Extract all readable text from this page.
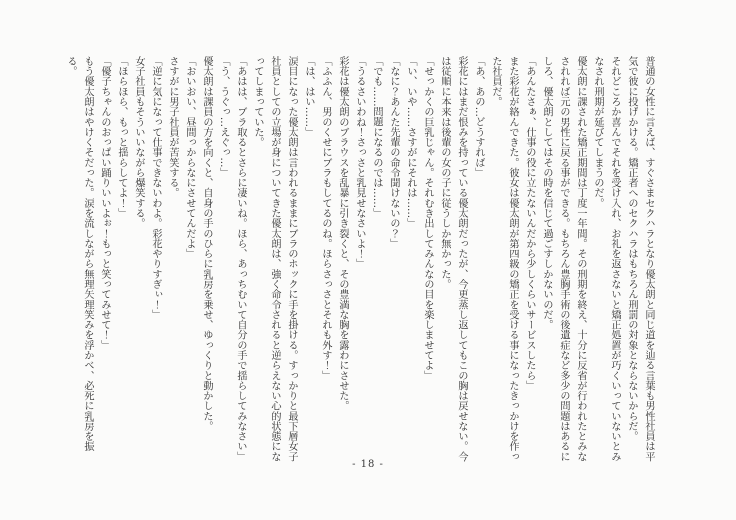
普通の女性に言えば、すぐさまセクハラとなり優太朗と同じ道を辿る言葉も男性社員は平気で彼に投げかける。矯正者へのセクハラはもちろん刑罰の対象とならないからだ。

それどころか喜んでそれを受け入れ、お礼を返さないと矯正処置が巧くいっていないとみなされ刑期が延びてしまうのだ。

優太朗に課された矯正期間は丁度一年間。その刑期を終え、十分に反省が行われたとみなされれば元の男性に戻る事ができる。もちろん豊胸手術の後遺症など多少の問題はあるにしろ、優太朗としてはその時を信じて過ごすしかないのだ。

「あんたさぁ、仕事の役に立たないんだから少しくらいサービスしたら」

また彩花が絡んできた。彼女は優太朗が第四級の矯正を受ける事になったきっかけを作った社員だ。

「あ、あの…どうすれば」

彩花にはまだ恨みを持っている優太朗だったが、今更蒸し返してもこの胸は戻せない。今は従順に本来は後輩の女の子に従うしか無かった。

「せっかくの巨乳じゃん。それむき出してみんなの目を楽しませてよ」

「い、いや……さすがにそれは……」

「なに？あんた先輩の命令聞けないの？」

「でも……問題になるのでは……」

「うるさいわね！さっさと乳見せなさいよ！」

彩花は優太朗のブラウスを乱暴に引き裂くと、その豊満な胸を露わにさせた。

「ふふん、男のくせにブラもしてるのね。ほらさっさとそれも外す！」

「は、はい……」

涙目になった優太朗は言われるままにブラのホックに手を掛ける。すっかりと最下層女子社員としての立場が身についてきた優太朗は、強く命令されると逆らえない心的状態になってしまっていた。

「あはは、ブラ取るとさらに凄いね。ほら、あっちむいて自分の手で揺らしてみなさい」

「う、うぐっ…えぐっ…」

優太朗は課員の方を向くと、自身の手のひらに乳房を乗せ、ゆっくりと動かした。

「おいおい、昼間っからなにさせてんだよ」

さすがに男子社員が苦笑する。

「逆に気になって仕事できないわよ。彩花やりすぎぃ！」

女子社員もそういいながら爆笑する。

「ほらほら、もっと揺らしてよ！」

「優子ちゃんのおっぱい踊りいいよぉ！もっと笑ってみせて！」

もう優太朗はやけくそだった。涙を流しながら無理矢理笑みを浮かべ、必死に乳房を振る。

- 18 -
